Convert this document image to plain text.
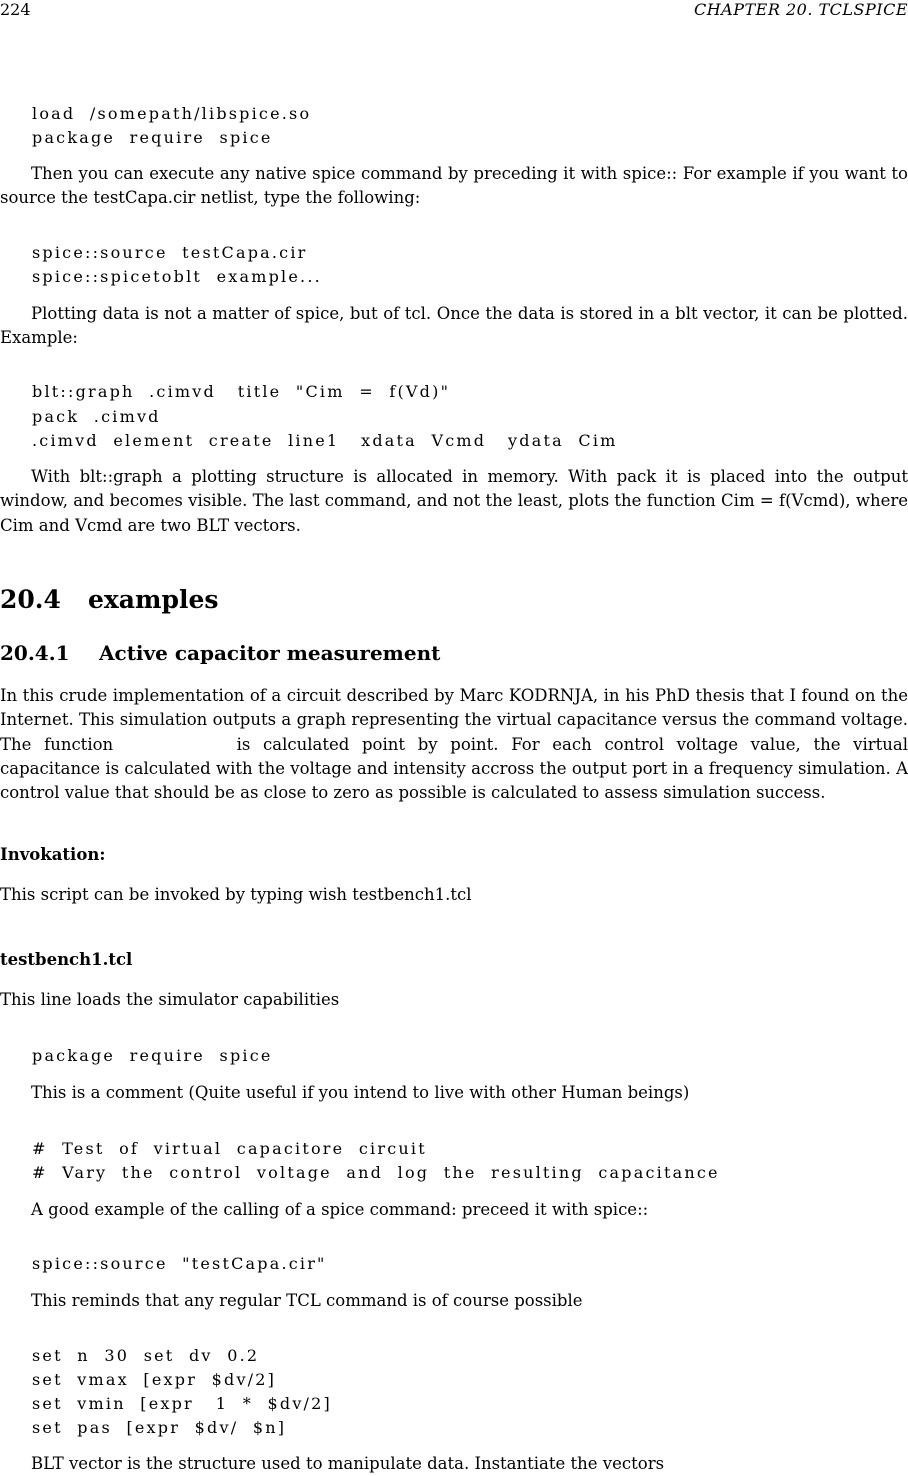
224	CHAPTER 20. TCLSPICE
load  /somepath/libspice.so
package  require  spice

Then you can execute any native spice command by preceding it with spice:: For example if you want to source the testCapa.cir netlist, type the following:

spice::source  testCapa.cir
spice::spicetoblt  example...

Plotting data is not a matter of spice, but of tcl. Once the data is stored in a blt vector, it can be plotted. Example:

blt::graph  .cimvd   title  "Cim  =  f(Vd)"
pack  .cimvd
.cimvd  element  create  line1   xdata  Vcmd   ydata  Cim

With blt::graph a plotting structure is allocated in memory. With pack it is placed into the output window, and becomes visible. The last command, and not the least, plots the function Cim = f(Vcmd), where Cim and Vcmd are two BLT vectors.

20.4 examples
20.4.1 Active capacitor measurement

In this crude implementation of a circuit described by Marc KODRNJA, in his PhD thesis that I found on the Internet. This simulation outputs a graph representing the virtual capacitance versus the command voltage. The function	is calculated point by point. For each control voltage value, the virtual capacitance is calculated with the voltage and intensity accross the output port in a frequency simulation. A control value that should be as close to zero as possible is calculated to assess simulation success.

Invokation:

This script can be invoked by typing wish testbench1.tcl

testbench1.tcl

This line loads the simulator capabilities

package  require  spice

This is a comment (Quite useful if you intend to live with other Human beings)

#  Test  of  virtual  capacitore  circuit
#  Vary  the  control  voltage  and  log  the  resulting  capacitance

A good example of the calling of a spice command: preceed it with spice::

spice::source  "testCapa.cir"

This reminds that any regular TCL command is of course possible

set  n  30  set  dv  0.2
set  vmax  [expr  $dv/2]
set  vmin  [expr   1  *  $dv/2]
set  pas  [expr  $dv/  $n]

BLT vector is the structure used to manipulate data. Instantiate the vectors
